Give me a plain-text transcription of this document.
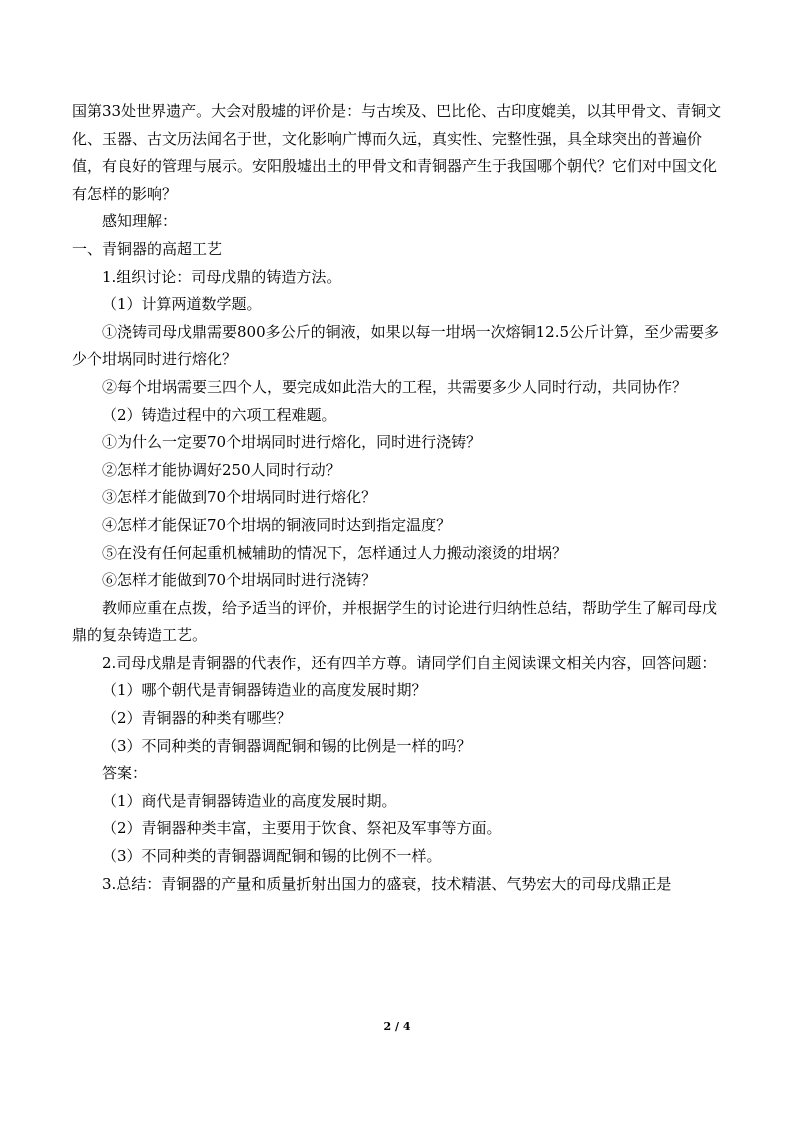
国第33处世界遗产。大会对殷墟的评价是：与古埃及、巴比伦、古印度媲美，以其甲骨文、青铜文化、玉器、古文历法闻名于世，文化影响广博而久远，真实性、完整性强，具全球突出的普遍价值，有良好的管理与展示。安阳殷墟出土的甲骨文和青铜器产生于我国哪个朝代？它们对中国文化有怎样的影响？

感知理解：

一、青铜器的高超工艺

1.组织讨论：司母戊鼎的铸造方法。

（1）计算两道数学题。

①浇铸司母戊鼎需要800多公斤的铜液，如果以每一坩埚一次熔铜12.5公斤计算，至少需要多少个坩埚同时进行熔化？

②每个坩埚需要三四个人，要完成如此浩大的工程，共需要多少人同时行动，共同协作？

（2）铸造过程中的六项工程难题。

①为什么一定要70个坩埚同时进行熔化，同时进行浇铸？

②怎样才能协调好250人同时行动？

③怎样才能做到70个坩埚同时进行熔化？

④怎样才能保证70个坩埚的铜液同时达到指定温度？

⑤在没有任何起重机械辅助的情况下，怎样通过人力搬动滚烫的坩埚？

⑥怎样才能做到70个坩埚同时进行浇铸？

教师应重在点拨，给予适当的评价，并根据学生的讨论进行归纳性总结，帮助学生了解司母戊鼎的复杂铸造工艺。

2.司母戊鼎是青铜器的代表作，还有四羊方尊。请同学们自主阅读课文相关内容，回答问题：

（1）哪个朝代是青铜器铸造业的高度发展时期？

（2）青铜器的种类有哪些？

（3）不同种类的青铜器调配铜和锡的比例是一样的吗？

答案：

（1）商代是青铜器铸造业的高度发展时期。

（2）青铜器种类丰富，主要用于饮食、祭祀及军事等方面。

（3）不同种类的青铜器调配铜和锡的比例不一样。

3.总结：青铜器的产量和质量折射出国力的盛衰，技术精湛、气势宏大的司母戊鼎正是

2 / 4
